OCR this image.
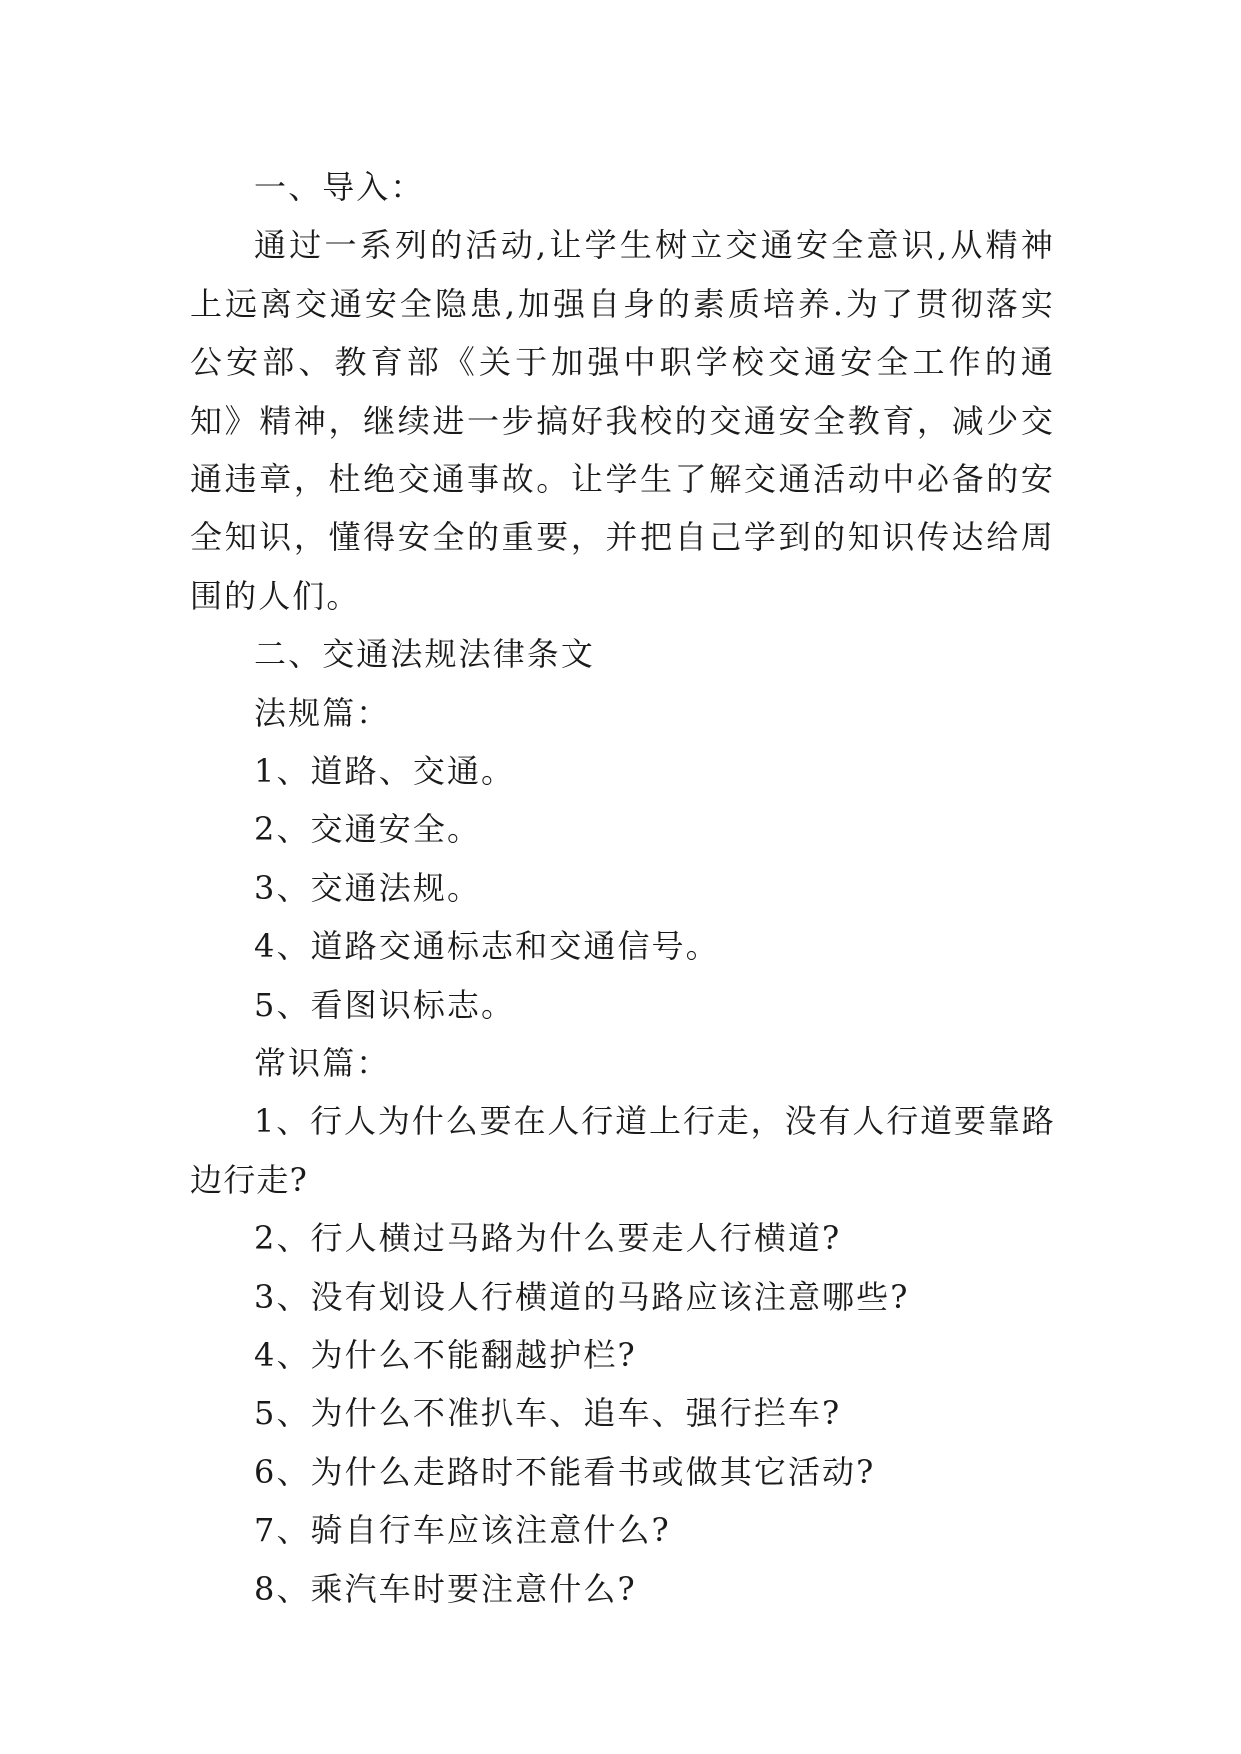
一、导入：

通过一系列的活动,让学生树立交通安全意识,从精神上远离交通安全隐患,加强自身的素质培养.为了贯彻落实公安部、教育部《关于加强中职学校交通安全工作的通知》精神，继续进一步搞好我校的交通安全教育，减少交通违章，杜绝交通事故。让学生了解交通活动中必备的安全知识，懂得安全的重要，并把自己学到的知识传达给周围的人们。

二、交通法规法律条文
法规篇：
1、道路、交通。
2、交通安全。
3、交通法规。
4、道路交通标志和交通信号。
5、看图识标志。
常识篇：

1、行人为什么要在人行道上行走，没有人行道要靠路边行走?

2、行人横过马路为什么要走人行横道?
3、没有划设人行横道的马路应该注意哪些?
4、为什么不能翻越护栏?
5、为什么不准扒车、追车、强行拦车?
6、为什么走路时不能看书或做其它活动?
7、骑自行车应该注意什么?
8、乘汽车时要注意什么?
